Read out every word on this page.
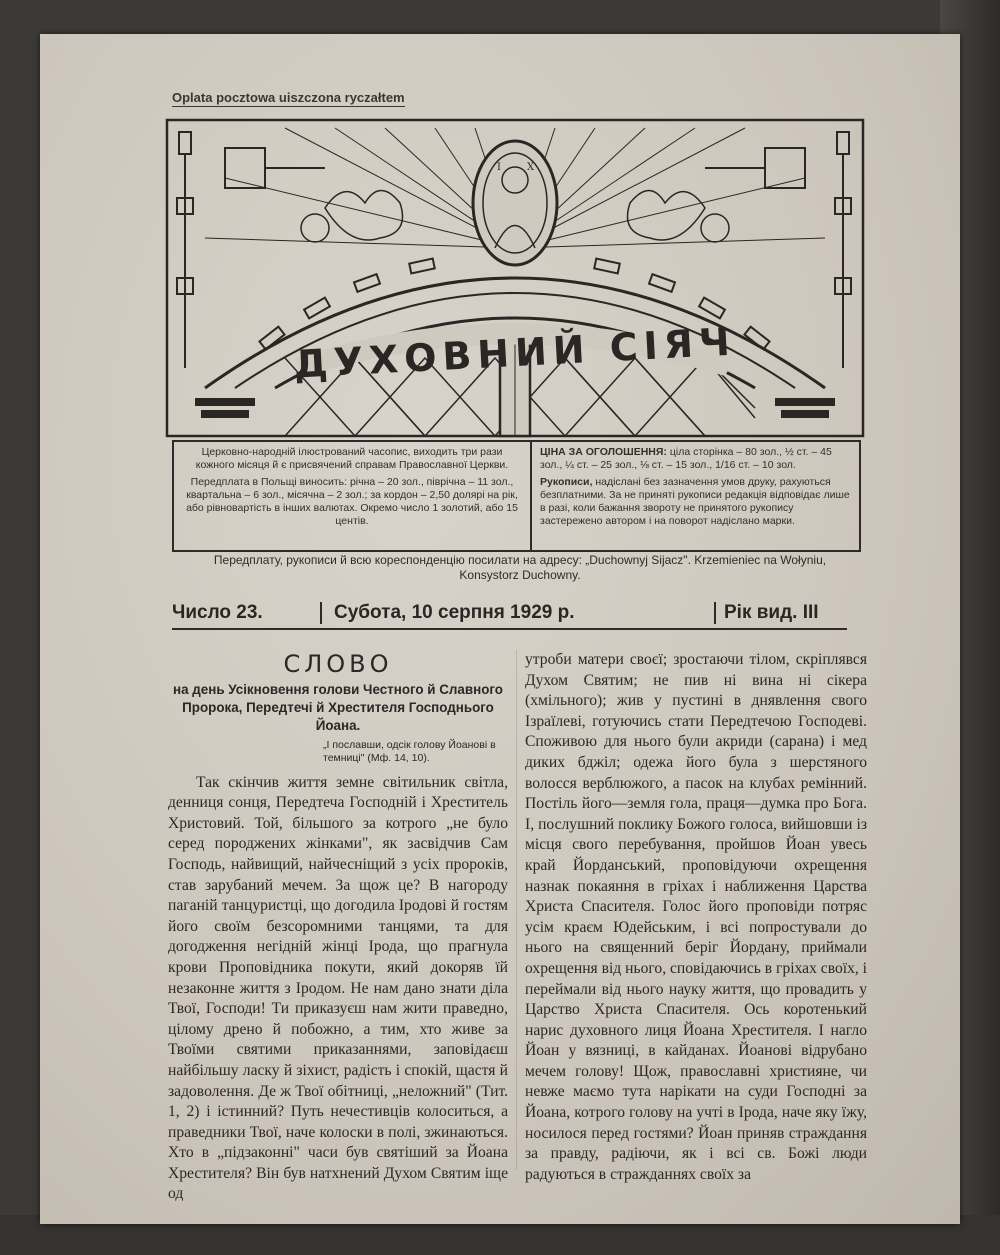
Oplata pocztowa uiszczona ryczałtem
I	X
ДУХОВНИЙ СІЯЧ

Церковно-народній ілюстрований часопис, виходить три рази кожного місяця й є присвячений справам Православної Церкви.

Передплата в Польщі виносить: річна – 20 зол., піврічна – 11 зол., квартальна – 6 зол., місячна – 2 зол.; за кордон – 2,50 долярі на рік, або рівновартість в інших валютах. Окремо число 1 золотий, або 15 центів.

ЦІНА ЗА ОГОЛОШЕННЯ: ціла сторінка – 80 зол., ½ ст. – 45 зол., ¼ ст. – 25 зол., ⅛ ст. – 15 зол., 1/16 ст. – 10 зол.

Рукописи, надіслані без зазначення умов друку, рахуються безплатними. За не приняті рукописи редакція відповідає лише в разі, коли бажання звороту не принятого рукопису застережено автором і на поворот надіслано марки.

Передплату, рукописи й всю кореспонденцію посилати на адресу: „Duchownyj Sijacz". Krzemieniec na Wołyniu, Konsystorz Duchowny.
Число 23.	Субота, 10 серпня 1929 р.	Рік вид. III
СЛОВО
на день Усікновення голови Честного й Славного Пророка, Передтечі й Хрестителя Господнього Йоана.
„І пославши, одсік голову Йоанові в темниці" (Мф. 14, 10).

Так скінчив життя земне світильник світла, денниця сонця, Передтеча Господній і Хреститель Христовий. Той, більшого за котрого „не було серед породжених жінками", як засвідчив Сам Господь, найвищий, найчесніщий з усіх пророків, став зарубаний мечем. За щож це? В нагороду паганій танцуристці, що догодила Іродові й гостям його своїм безсоромними танцями, та для догодження негідній жінці Ірода, що прагнула крови Проповідника покути, який докоряв їй незаконне життя з Іродом. Не нам дано знати діла Твої, Господи! Ти приказуєш нам жити праведно, цілому дрено й побожно, а тим, хто живе за Твоїми святими приказаннями, заповідаєш найбільшу ласку й зіхист, радість і спокій, щастя й задоволення. Де ж Твої обітниці, „неложний" (Тит. 1, 2) і істинний? Путь нечестивців колоситься, а праведники Твої, наче колоски в полі, зжинаються. Хто в „підзаконні" часи був святіший за Йоана Хрестителя? Він був натхнений Духом Святим іще од

утроби матери своєї; зростаючи тілом, скріплявся Духом Святим; не пив ні вина ні сікера (хмільного); жив у пустині в днявлення свого Ізраїлеві, готуючись стати Передтечою Господеві. Споживою для нього були акриди (сарана) і мед диких бджіл; одежа його була з шерстяного волосся верблюжого, а пасок на клубах ремінний. Постіль його—земля гола, праця—думка про Бога. І, послушний поклику Божого голоса, вийшовши із місця свого перебування, пройшов Йоан увесь край Йорданський, проповідуючи охрещення назнак покаяння в гріхах і наближення Царства Христа Спасителя. Голос його проповіди потряс усім краєм Юдейським, і всі попростували до нього на священний беріг Йордану, приймали охрещення від нього, сповідаючись в гріхах своїх, і переймали від нього науку життя, що провадить у Царство Христа Спасителя. Ось коротенький нарис духовного лиця Йоана Хрестителя. І нагло Йоан у вязниці, в кайданах. Йоанові відрубано мечем голову! Щож, православні християне, чи невже маємо тута нарікати на суди Господні за Йоана, котрого голову на учті в Ірода, наче яку їжу, носилося перед гостями? Йоан приняв страждання за правду, радіючи, як і всі св. Божі люди радуються в стражданнях своїх за
